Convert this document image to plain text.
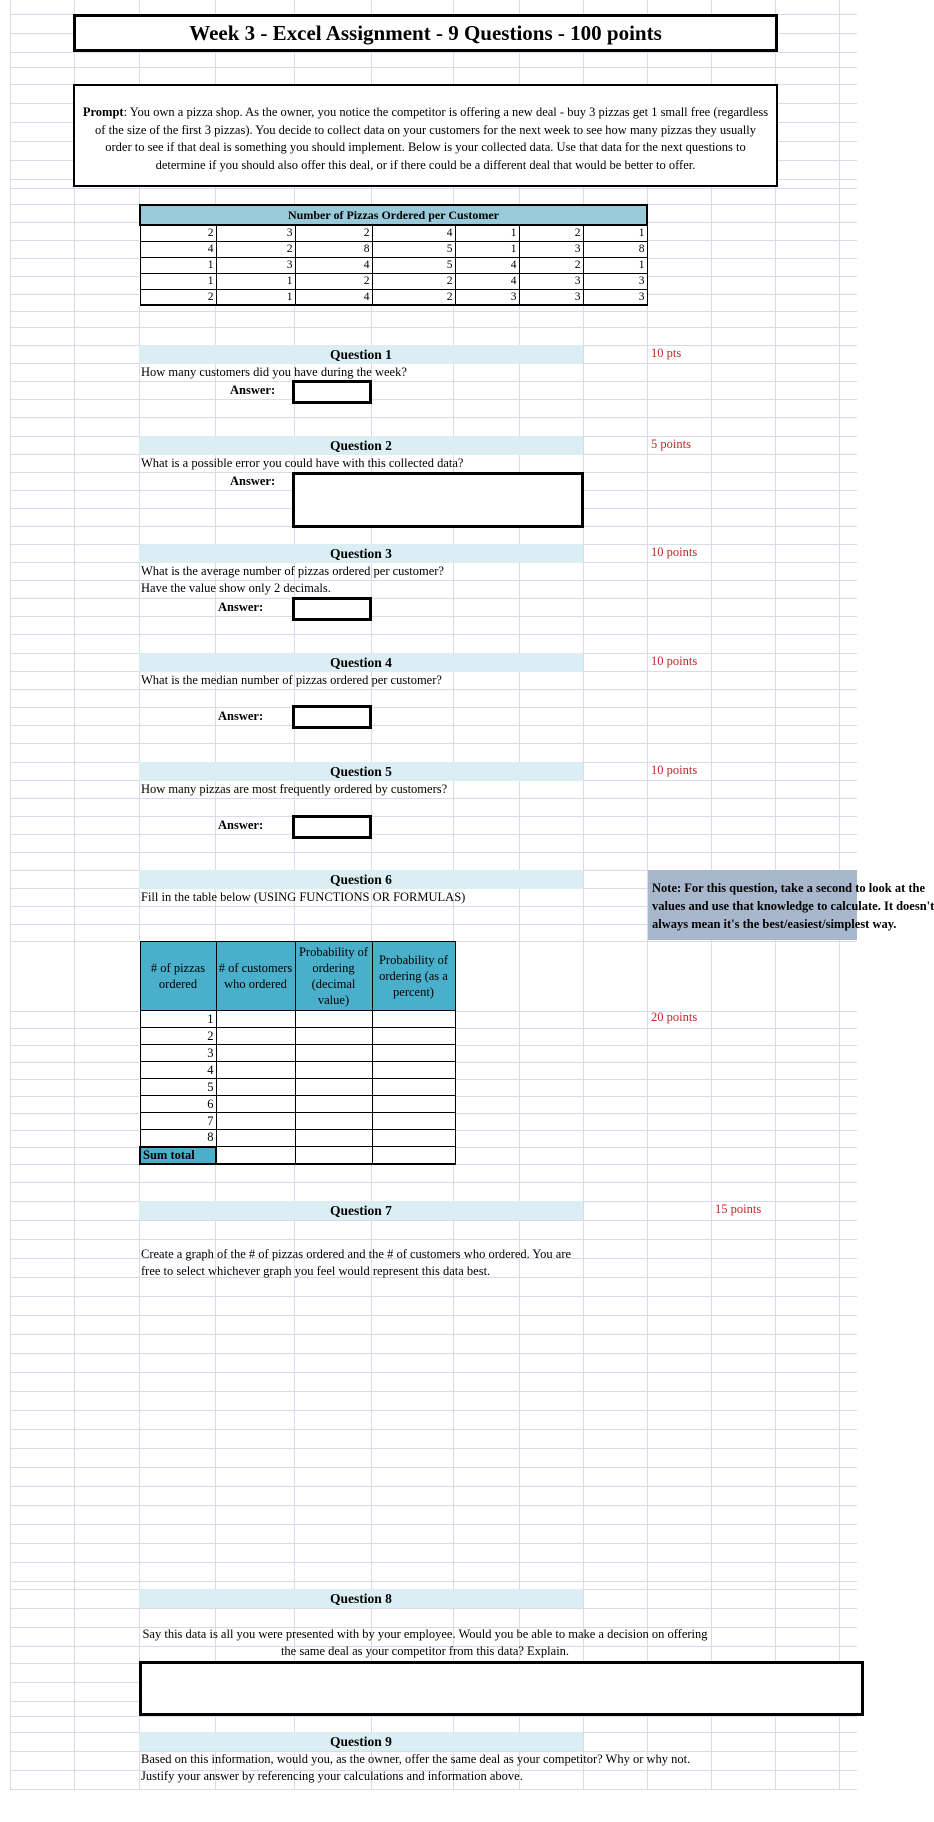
Week 3 - Excel Assignment - 9 Questions - 100 points
Prompt: You own a pizza shop. As the owner, you notice the competitor is offering a new deal - buy 3 pizzas get 1 small free (regardless of the size of the first 3 pizzas). You decide to collect data on your customers for the next week to see how many pizzas they usually order to see if that deal is something you should implement. Below is your collected data. Use that data for the next questions to determine if you should also offer this deal, or if there could be a different deal that would be better to offer.
Number of Pizzas Ordered per Customer						
2	3	2	4	1	2	1
4	2	8	5	1	3	8
1	3	4	5	4	2	1
1	1	2	2	4	3	3
2	1	4	2	3	3	3
Question 1	10 pts
How many customers did you have during the week?
Answer:
Question 2	5 points
What is a possible error you could have with this collected data?
Answer:
Question 3	10 points
What is the average number of pizzas ordered per customer?
Have the value show only 2 decimals.
Answer:
Question 4	10 points
What is the median number of pizzas ordered per customer?
Answer:
Question 5	10 points
How many pizzas are most frequently ordered by customers?
Answer:
Question 6
Fill in the table below (USING FUNCTIONS OR FORMULAS)
Note: For this question, take a second to look at the
values and use that knowledge to calculate. It doesn't
always mean it's the best/easiest/simplest way.
20 points
# of pizzas ordered	# of customers who ordered	Probability of ordering (decimal value)	Probability of ordering (as a percent)
1			
2			
3			
4			
5			
6			
7			
8			
Sum total			
Question 7	15 points
Create a graph of the # of pizzas ordered and the # of customers who ordered. You are free to select whichever graph you feel would represent this data best.
Question 8
Say this data is all you were presented with by your employee. Would you be able to make a decision on offering the same deal as your competitor from this data? Explain.
Question 9
Based on this information, would you, as the owner, offer the same deal as your competitor? Why or why not. Justify your answer by referencing your calculations and information above.
